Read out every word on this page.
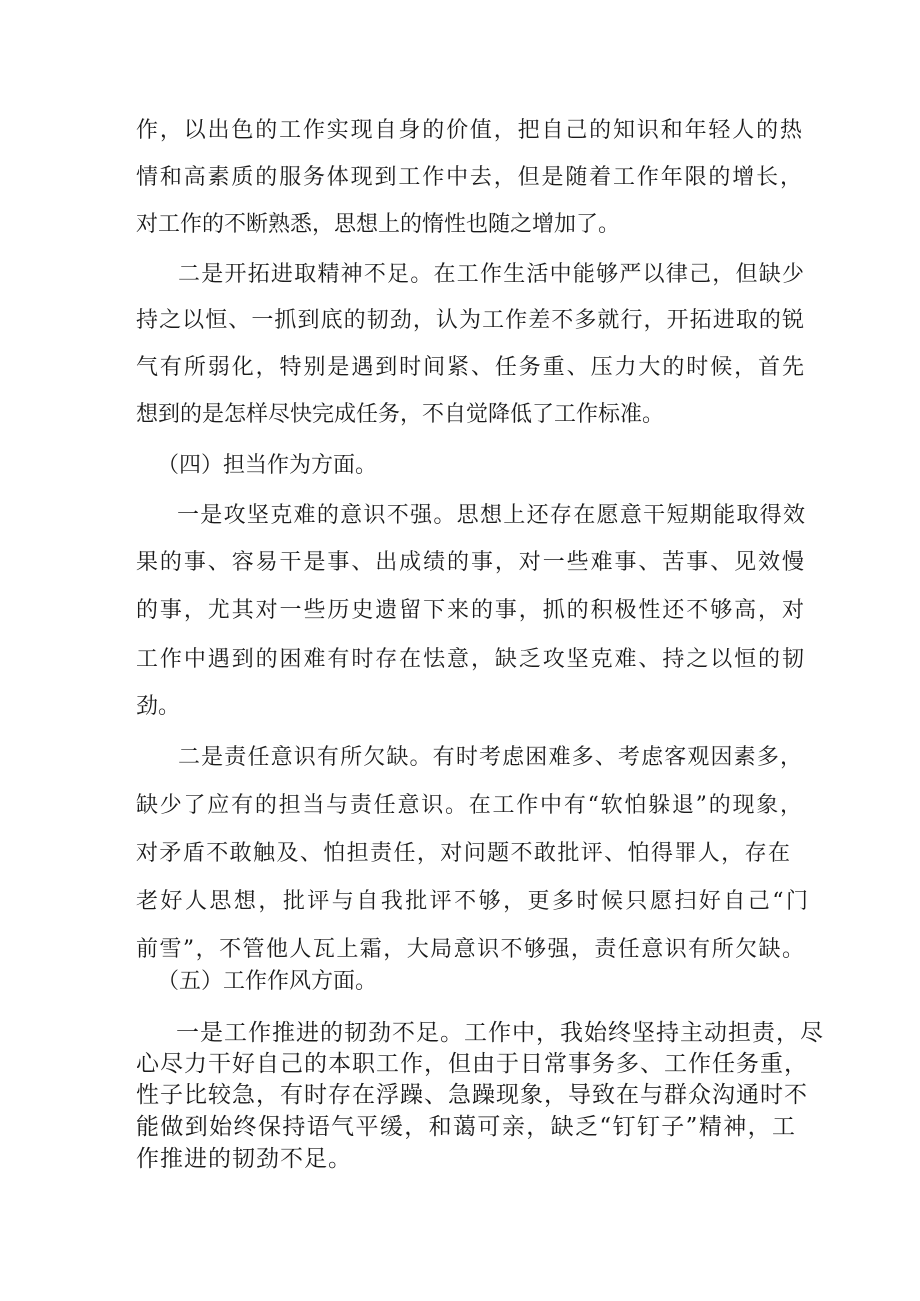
作，以出色的工作实现自身的价值，把自己的知识和年轻人的热
情和高素质的服务体现到工作中去，但是随着工作年限的增长，
对工作的不断熟悉，思想上的惰性也随之增加了。
二是开拓进取精神不足。在工作生活中能够严以律己，但缺少
持之以恒、一抓到底的韧劲，认为工作差不多就行，开拓进取的锐
气有所弱化，特别是遇到时间紧、任务重、压力大的时候，首先
想到的是怎样尽快完成任务，不自觉降低了工作标准。
（四）担当作为方面。
一是攻坚克难的意识不强。思想上还存在愿意干短期能取得效
果的事、容易干是事、出成绩的事，对一些难事、苦事、见效慢
的事，尤其对一些历史遗留下来的事，抓的积极性还不够高，对
工作中遇到的困难有时存在怯意，缺乏攻坚克难、持之以恒的韧
劲。
二是责任意识有所欠缺。有时考虑困难多、考虑客观因素多，
缺少了应有的担当与责任意识。在工作中有“软怕躲退”的现象，
对矛盾不敢触及、怕担责任，对问题不敢批评、怕得罪人，存在
老好人思想，批评与自我批评不够，更多时候只愿扫好自己“门
前雪”，不管他人瓦上霜，大局意识不够强，责任意识有所欠缺。
（五）工作作风方面。
一是工作推进的韧劲不足。工作中，我始终坚持主动担责，尽
心尽力干好自己的本职工作，但由于日常事务多、工作任务重，
性子比较急，有时存在浮躁、急躁现象，导致在与群众沟通时不
能做到始终保持语气平缓，和蔼可亲，缺乏“钉钉子”精神，工
作推进的韧劲不足。
